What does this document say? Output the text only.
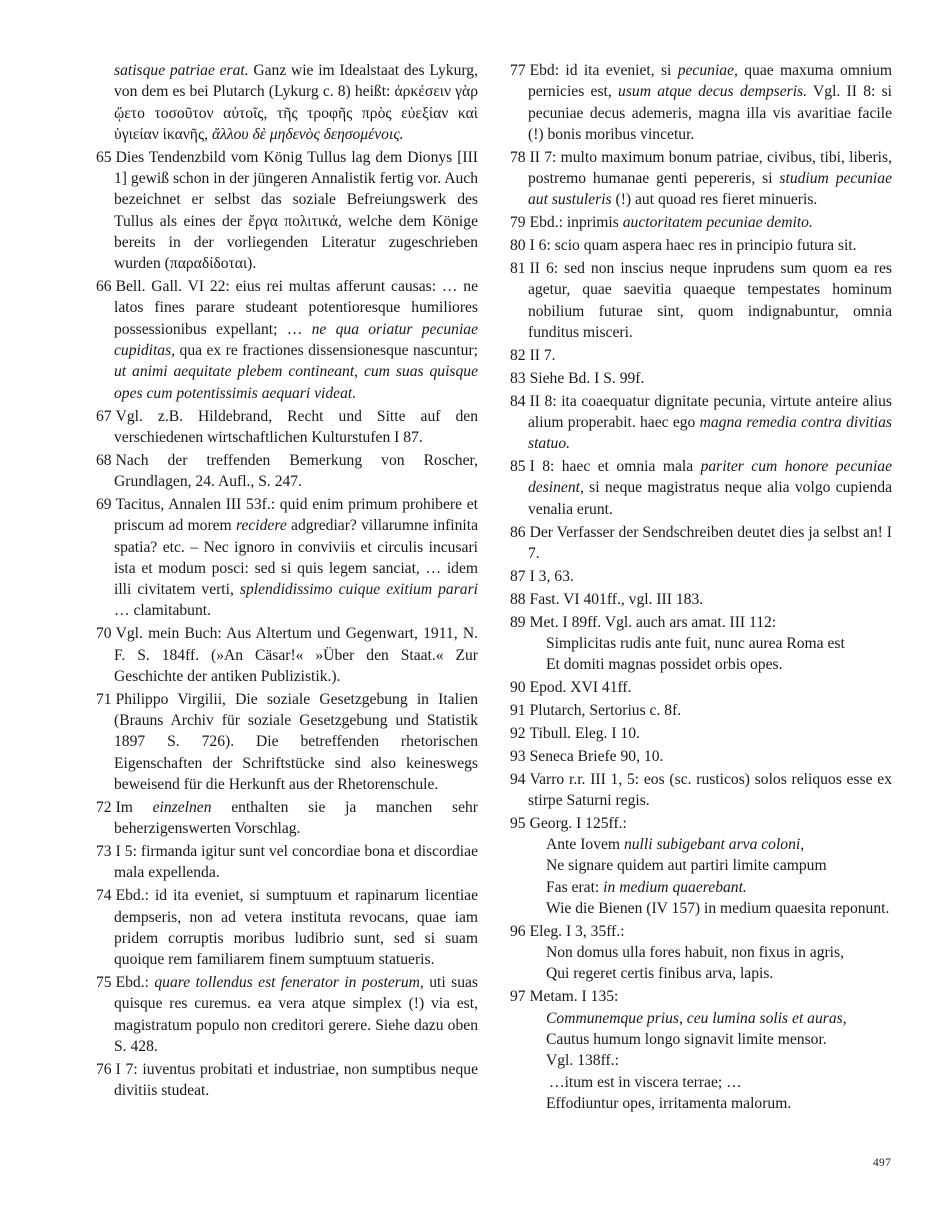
satisque patriae erat. Ganz wie im Idealstaat des Lykurg, von dem es bei Plutarch (Lykurg c. 8) heißt: ἀρκέσειν γὰρ ᾤετο τοσοῦτον αὐτοῖς, τῆς τροφῆς πρὸς εὐεξίαν καὶ ὑγιείαν ἱκανῆς, ἄλλου δὲ μηδενὸς δεησομένοις.

65 Dies Tendenzbild vom König Tullus lag dem Dionys [III 1] gewiß schon in der jüngeren Annalistik fertig vor. Auch bezeichnet er selbst das soziale Befreiungswerk des Tullus als eines der ἔργα πολιτικά, welche dem Könige bereits in der vorliegenden Literatur zugeschrieben wurden (παραδίδοται).

66 Bell. Gall. VI 22: eius rei multas afferunt causas: … ne latos fines parare studeant potentioresque humiliores possessionibus expellant; … ne qua oriatur pecuniae cupiditas, qua ex re fractiones dissensionesque nascuntur; ut animi aequitate plebem contineant, cum suas quisque opes cum potentissimis aequari videat.

67 Vgl. z.B. Hildebrand, Recht und Sitte auf den verschiedenen wirtschaftlichen Kulturstufen I 87.

68 Nach der treffenden Bemerkung von Roscher, Grundlagen, 24. Aufl., S. 247.

69 Tacitus, Annalen III 53f.: quid enim primum prohibere et priscum ad morem recidere adgrediar? villarumne infinita spatia? etc. – Nec ignoro in conviviis et circulis incusari ista et modum posci: sed si quis legem sanciat, … idem illi civitatem verti, splendidissimo cuique exitium parari … clamitabunt.

70 Vgl. mein Buch: Aus Altertum und Gegenwart, 1911, N. F. S. 184ff. (»An Cäsar!« »Über den Staat.« Zur Geschichte der antiken Publizistik.).

71 Philippo Virgilii, Die soziale Gesetzgebung in Italien (Brauns Archiv für soziale Gesetzgebung und Statistik 1897 S. 726). Die betreffenden rhetorischen Eigenschaften der Schriftstücke sind also keineswegs beweisend für die Herkunft aus der Rhetorenschule.

72 Im einzelnen enthalten sie ja manchen sehr beherzigenswerten Vorschlag.

73 I 5: firmanda igitur sunt vel concordiae bona et discordiae mala expellenda.

74 Ebd.: id ita eveniet, si sumptuum et rapinarum licentiae dempseris, non ad vetera instituta revocans, quae iam pridem corruptis moribus ludibrio sunt, sed si suam quoique rem familiarem finem sumptuum statueris.

75 Ebd.: quare tollendus est fenerator in posterum, uti suas quisque res curemus. ea vera atque simplex (!) via est, magistratum populo non creditori gerere. Siehe dazu oben S. 428.

76 I 7: iuventus probitati et industriae, non sumptibus neque divitiis studeat.

77 Ebd: id ita eveniet, si pecuniae, quae maxuma omnium pernicies est, usum atque decus dempseris. Vgl. II 8: si pecuniae decus ademeris, magna illa vis avaritiae facile (!) bonis moribus vincetur.

78 II 7: multo maximum bonum patriae, civibus, tibi, liberis, postremo humanae genti pepereris, si studium pecuniae aut sustuleris (!) aut quoad res fieret minueris.

79 Ebd.: inprimis auctoritatem pecuniae demito.

80 I 6: scio quam aspera haec res in principio futura sit.

81 II 6: sed non inscius neque inprudens sum quom ea res agetur, quae saevitia quaeque tempestates hominum nobilium futurae sint, quom indignabuntur, omnia funditus misceri.

82 II 7.

83 Siehe Bd. I S. 99f.

84 II 8: ita coaequatur dignitate pecunia, virtute anteire alius alium properabit. haec ego magna remedia contra divitias statuo.

85 I 8: haec et omnia mala pariter cum honore pecuniae desinent, si neque magistratus neque alia volgo cupienda venalia erunt.

86 Der Verfasser der Sendschreiben deutet dies ja selbst an! I 7.

87 I 3, 63.

88 Fast. VI 401ff., vgl. III 183.

89 Met. I 89ff. Vgl. auch ars amat. III 112:
Simplicitas rudis ante fuit, nunc aurea Roma est
Et domiti magnas possidet orbis opes.

90 Epod. XVI 41ff.

91 Plutarch, Sertorius c. 8f.

92 Tibull. Eleg. I 10.

93 Seneca Briefe 90, 10.

94 Varro r.r. III 1, 5: eos (sc. rusticos) solos reliquos esse ex stirpe Saturni regis.

95 Georg. I 125ff.:
Ante Iovem nulli subigebant arva coloni,
Ne signare quidem aut partiri limite campum
Fas erat: in medium quaerebant.
Wie die Bienen (IV 157) in medium quaesita reponunt.
96 Eleg. I 3, 35ff.:
Non domus ulla fores habuit, non fixus in agris,
Qui regeret certis finibus arva, lapis.
97 Metam. I 135:
Communemque prius, ceu lumina solis et auras,
Cautus humum longo signavit limite mensor.
Vgl. 138ff.:
…itum est in viscera terrae; …
Effodiuntur opes, irritamenta malorum.
497
